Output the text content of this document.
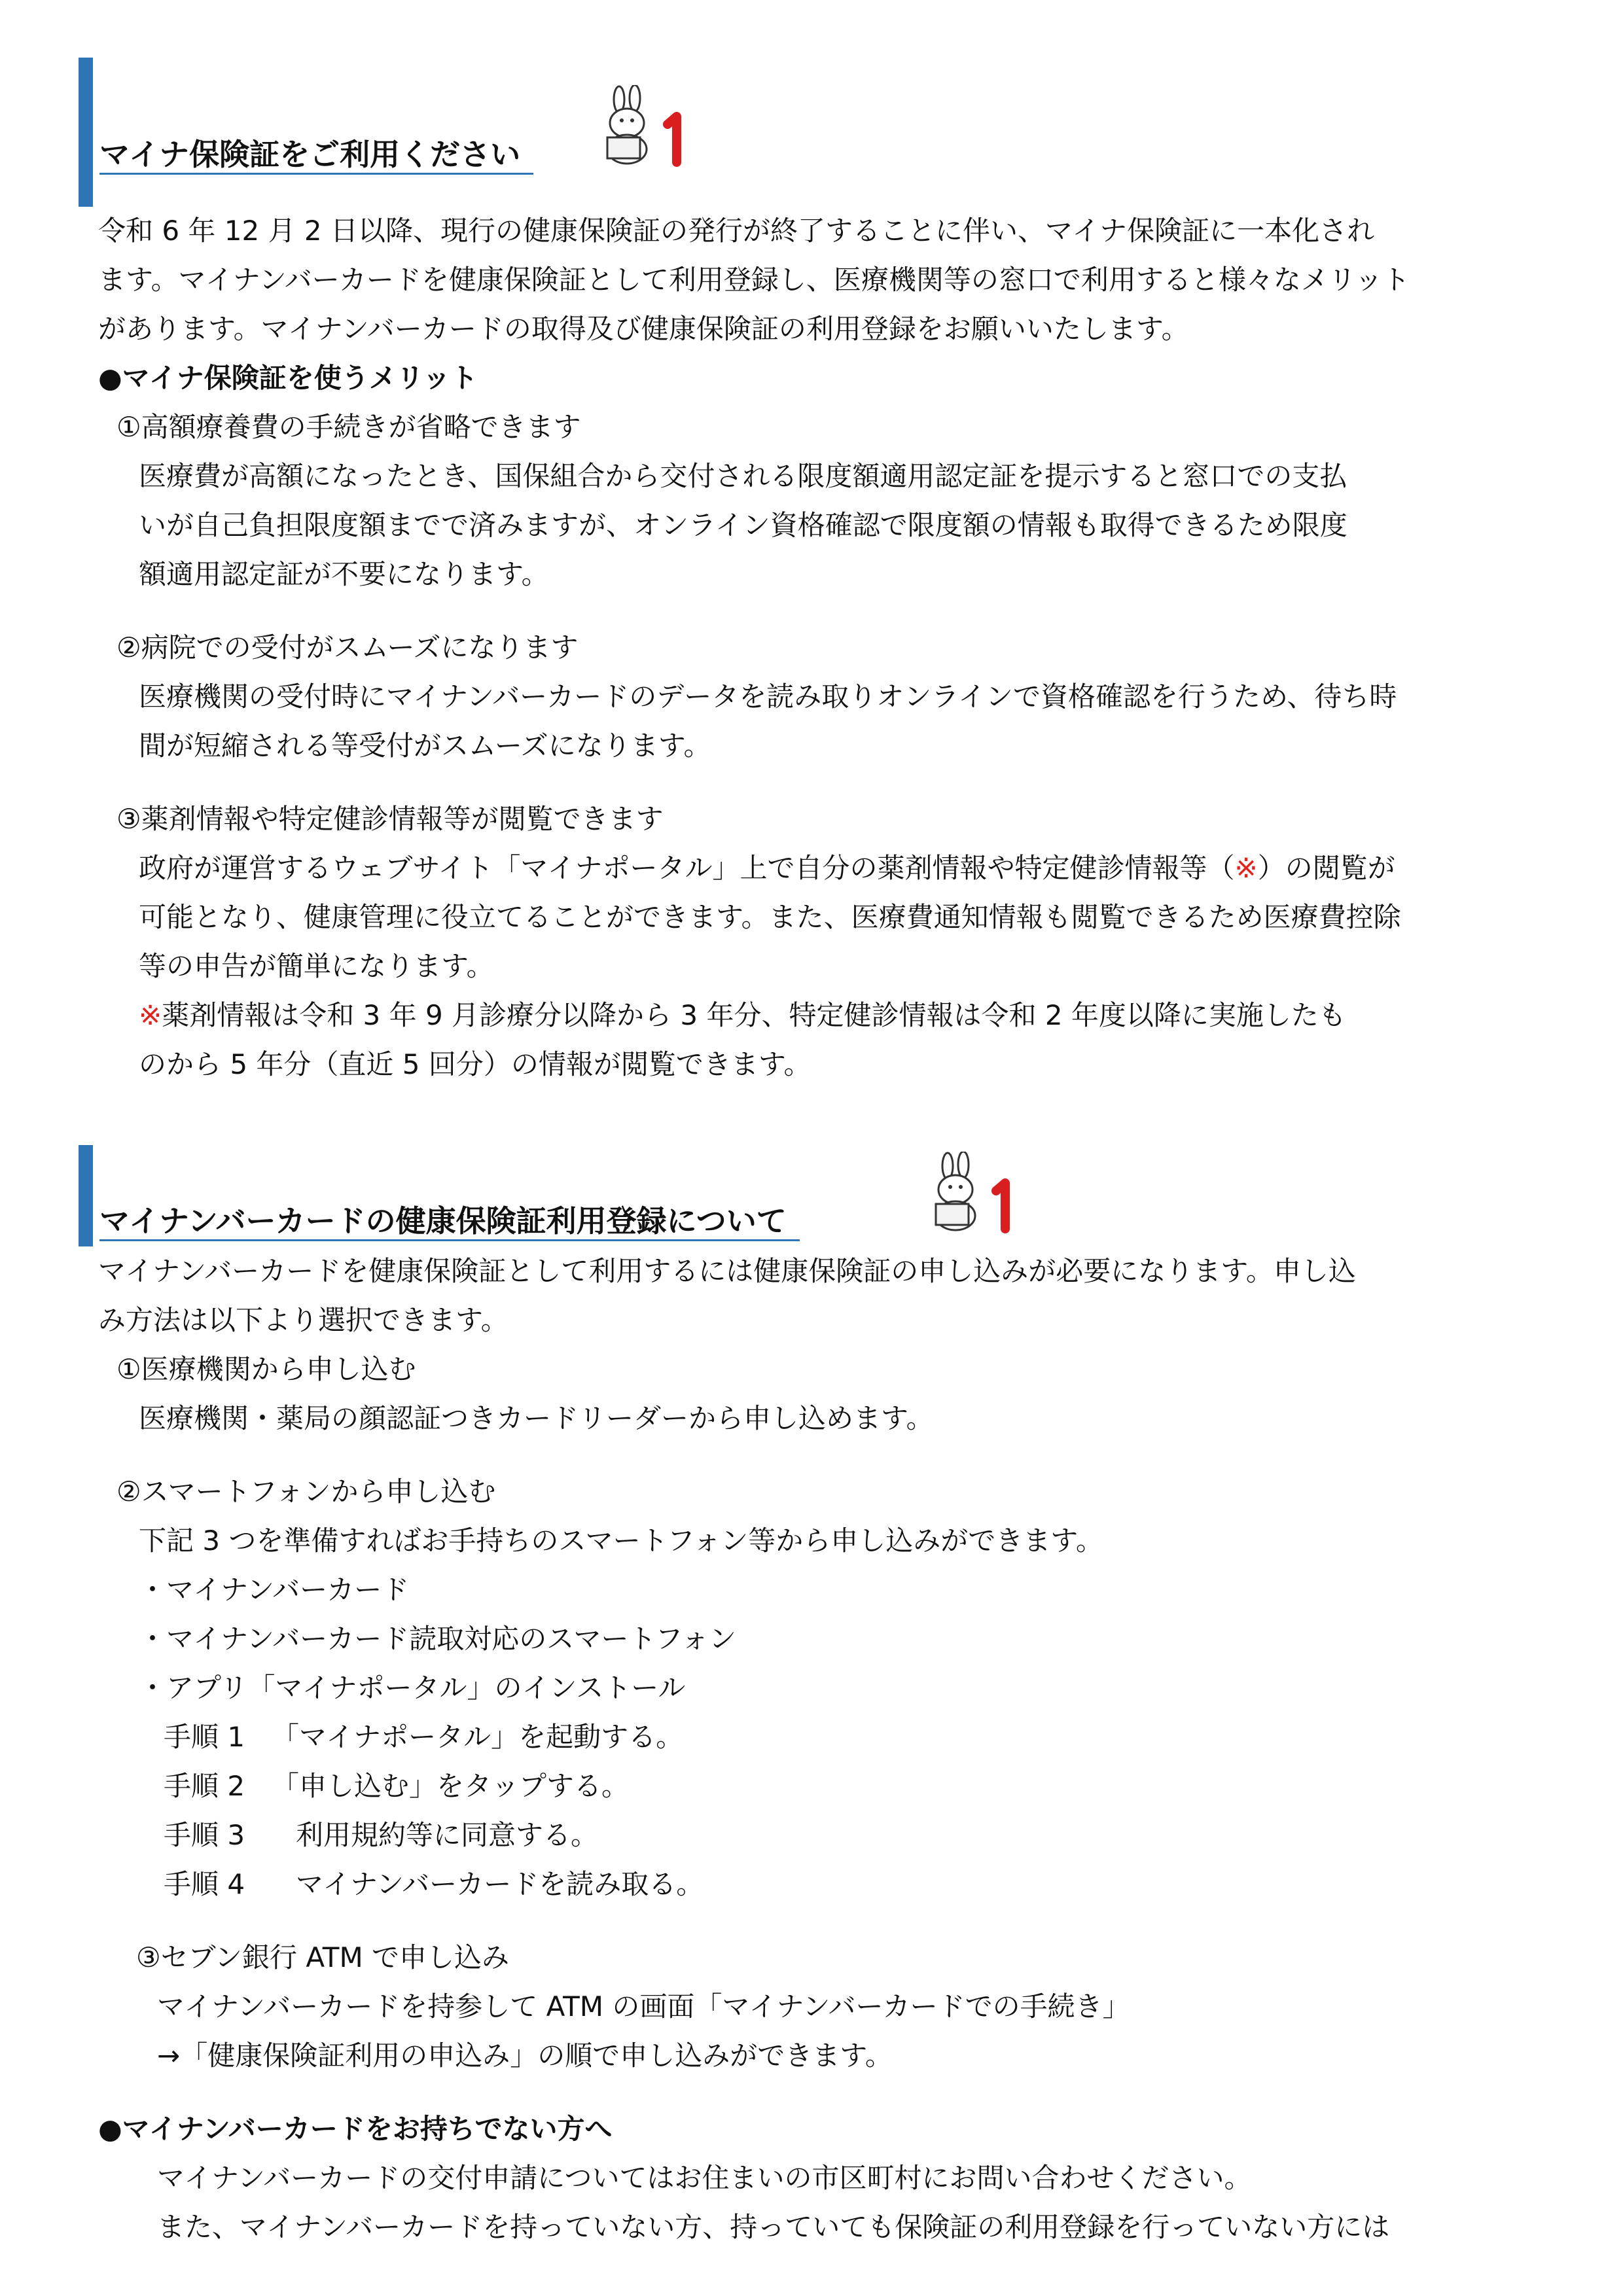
マイナ保険証をご利用ください
令和 6 年 12 月 2 日以降、現行の健康保険証の発行が終了することに伴い、マイナ保険証に一本化され
ます。マイナンバーカードを健康保険証として利用登録し、医療機関等の窓口で利用すると様々なメリット
があります。マイナンバーカードの取得及び健康保険証の利用登録をお願いいたします。
●マイナ保険証を使うメリット
①高額療養費の手続きが省略できます
医療費が高額になったとき、国保組合から交付される限度額適用認定証を提示すると窓口での支払
いが自己負担限度額までで済みますが、オンライン資格確認で限度額の情報も取得できるため限度
額適用認定証が不要になります。
②病院での受付がスムーズになります
医療機関の受付時にマイナンバーカードのデータを読み取りオンラインで資格確認を行うため、待ち時
間が短縮される等受付がスムーズになります。
③薬剤情報や特定健診情報等が閲覧できます
政府が運営するウェブサイト「マイナポータル」上で自分の薬剤情報や特定健診情報等（※）の閲覧が
可能となり、健康管理に役立てることができます。また、医療費通知情報も閲覧できるため医療費控除
等の申告が簡単になります。
※薬剤情報は令和 3 年 9 月診療分以降から 3 年分、特定健診情報は令和 2 年度以降に実施したも
のから 5 年分（直近 5 回分）の情報が閲覧できます。
マイナンバーカードの健康保険証利用登録について
マイナンバーカードを健康保険証として利用するには健康保険証の申し込みが必要になります。申し込
み方法は以下より選択できます。
①医療機関から申し込む
医療機関・薬局の顔認証つきカードリーダーから申し込めます。
②スマートフォンから申し込む
下記 3 つを準備すればお手持ちのスマートフォン等から申し込みができます。
・マイナンバーカード
・マイナンバーカード読取対応のスマートフォン
・アプリ「マイナポータル」のインストール
手順 1 「マイナポータル」を起動する。
手順 2 「申し込む」をタップする。
手順 3 利用規約等に同意する。
手順 4 マイナンバーカードを読み取る。
③セブン銀行 ATM で申し込み
マイナンバーカードを持参して ATM の画面「マイナンバーカードでの手続き」
→「健康保険証利用の申込み」の順で申し込みができます。
●マイナンバーカードをお持ちでない方へ
マイナンバーカードの交付申請についてはお住まいの市区町村にお問い合わせください。
また、マイナンバーカードを持っていない方、持っていても保険証の利用登録を行っていない方には
